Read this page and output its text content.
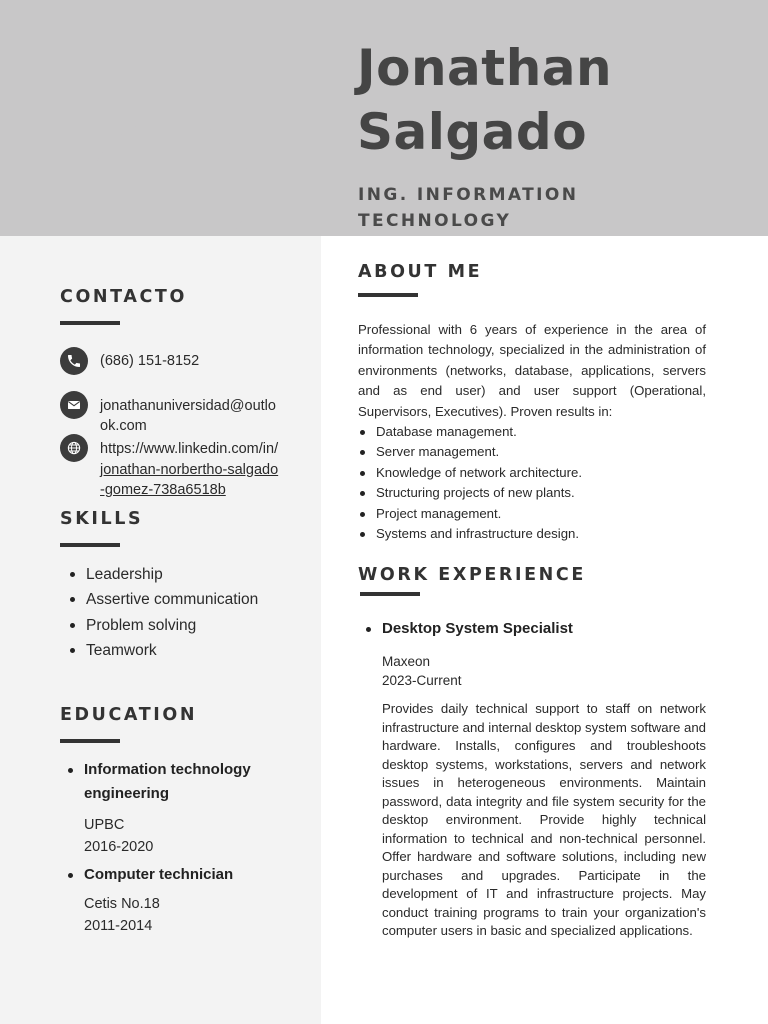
Jonathan
Salgado
ING. INFORMATION
TECHNOLOGY
CONTACTO
(686) 151-8152
jonathanuniversidad@outlook.com
https://www.linkedin.com/in/jonathan-norbertho-salgado-gomez-738a6518b
SKILLS
Leadership
Assertive communication
Problem solving
Teamwork
EDUCATION
Information technology engineering
UPBC
2016-2020
Computer technician
Cetis No.18
2011-2014
ABOUT ME

Professional with 6 years of experience in the area of information technology, specialized in the administration of environments (networks, database, applications, servers and as end user) and user support (Operational, Supervisors, Executives). Proven results in:

Database management.
Server management.
Knowledge of network architecture.
Structuring projects of new plants.
Project management.
Systems and infrastructure design.
WORK EXPERIENCE
Desktop System Specialist
Maxeon
2023-Current
Provides daily technical support to staff on network infrastructure and internal desktop system software and hardware. Installs, configures and troubleshoots desktop systems, workstations, servers and network issues in heterogeneous environments. Maintain password, data integrity and file system security for the desktop environment. Provide highly technical information to technical and non-technical personnel. Offer hardware and software solutions, including new purchases and upgrades. Participate in the development of IT and infrastructure projects. May conduct training programs to train your organization's computer users in basic and specialized applications.
